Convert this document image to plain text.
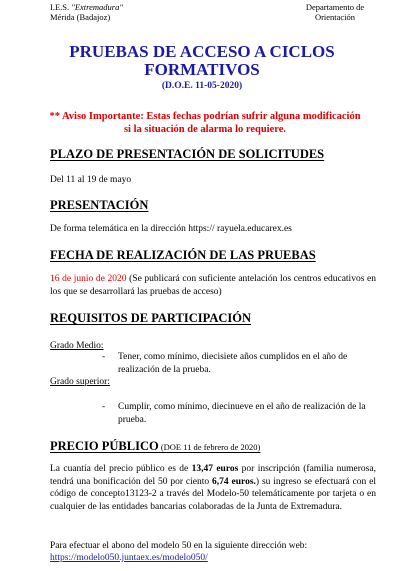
I.E.S. "Extremadura"
Mérida (Badajoz)
Departamento de
Orientación
PRUEBAS DE ACCESO A CICLOS
FORMATIVOS
(D.O.E. 11-05-2020)
** Aviso Importante: Estas fechas podrían sufrir alguna modificación
si la situación de alarma lo requiere.
PLAZO DE PRESENTACIÓN DE SOLICITUDES
Del 11 al 19 de mayo
PRESENTACIÓN
De forma telemática en la dirección https:// rayuela.educarex.es
FECHA DE REALIZACIÓN DE LAS PRUEBAS
16 de junio de 2020 (Se publicará con suficiente antelación los centros educativos en los que se desarrollará las pruebas de acceso)
REQUISITOS DE PARTICIPACIÓN
Grado Medio:
- Tener, como mínimo, diecisiete años cumplidos en el año de realización de la prueba.
Grado superior:
- Cumplir, como mínimo, diecinueve en el año de realización de la prueba.
PRECIO PÚBLICO (DOE 11 de febrero de 2020)
La cuantía del precio público es de 13,47 euros por inscripción (familia numerosa, tendrá una bonificación del 50 por ciento 6,74 euros.) su ingreso se efectuará con el código de concepto13123-2 a través del Modelo-50 telemáticamente por tarjeta o en cualquier de las entidades bancarias colaboradas de la Junta de Extremadura.
Para efectuar el abono del modelo 50 en la siguiente dirección web:
https://modelo050.juntaex.es/modelo050/
